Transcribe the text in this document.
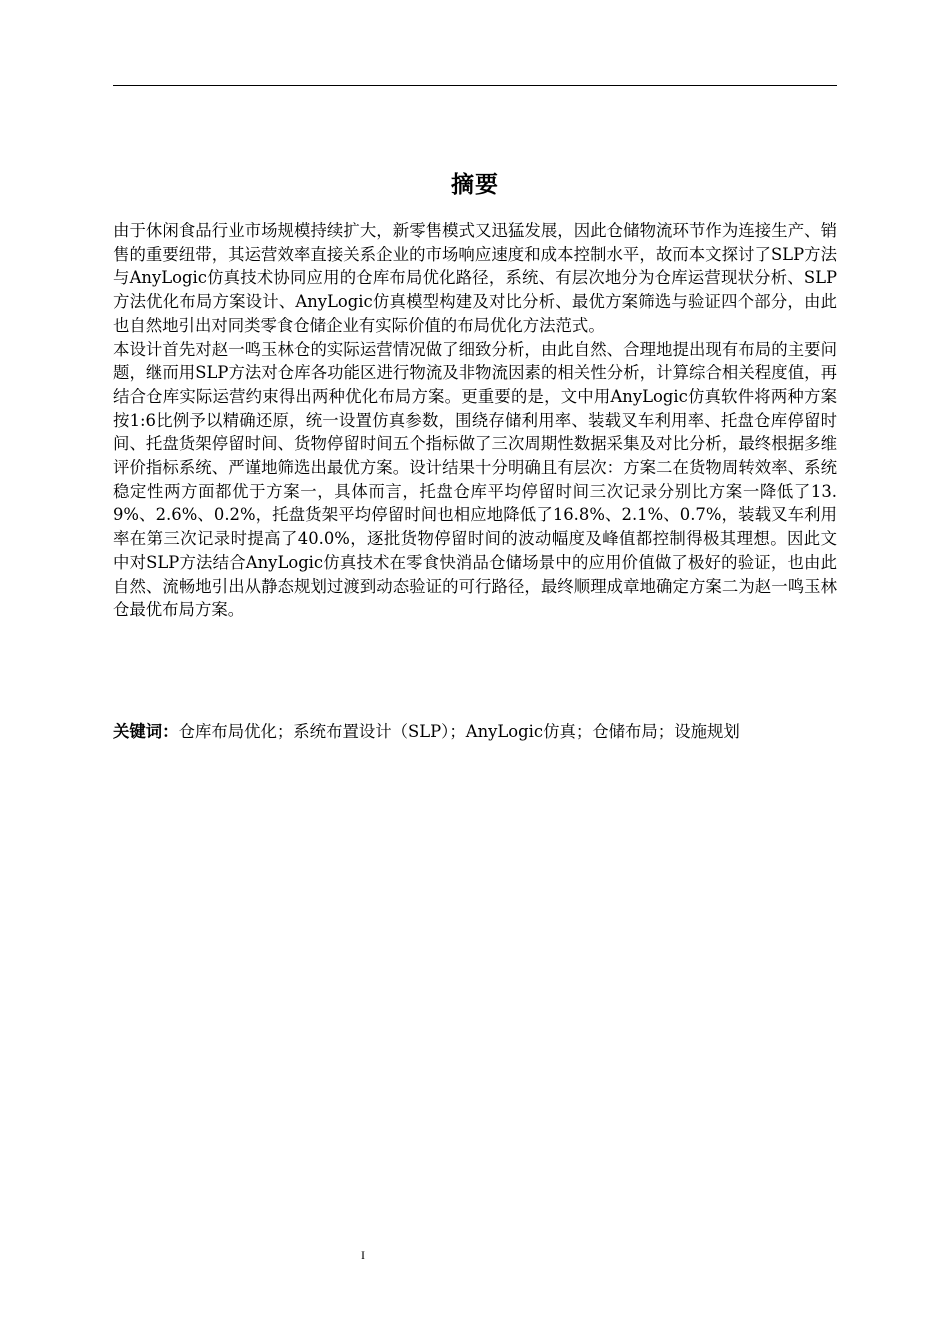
摘要

由于休闲食品行业市场规模持续扩大，新零售模式又迅猛发展，因此仓储物流环节作为连接生产、销售的重要纽带，其运营效率直接关系企业的市场响应速度和成本控制水平，故而本文探讨了SLP方法与AnyLogic仿真技术协同应用的仓库布局优化路径，系统、有层次地分为仓库运营现状分析、SLP方法优化布局方案设计、AnyLogic仿真模型构建及对比分析、最优方案筛选与验证四个部分，由此也自然地引出对同类零食仓储企业有实际价值的布局优化方法范式。

本设计首先对赵一鸣玉林仓的实际运营情况做了细致分析，由此自然、合理地提出现有布局的主要问题，继而用SLP方法对仓库各功能区进行物流及非物流因素的相关性分析，计算综合相关程度值，再结合仓库实际运营约束得出两种优化布局方案。更重要的是，文中用AnyLogic仿真软件将两种方案按1:6比例予以精确还原，统一设置仿真参数，围绕存储利用率、装载叉车利用率、托盘仓库停留时间、托盘货架停留时间、货物停留时间五个指标做了三次周期性数据采集及对比分析，最终根据多维评价指标系统、严谨地筛选出最优方案。设计结果十分明确且有层次：方案二在货物周转效率、系统稳定性两方面都优于方案一，具体而言，托盘仓库平均停留时间三次记录分别比方案一降低了13.9%、2.6%、0.2%，托盘货架平均停留时间也相应地降低了16.8%、2.1%、0.7%，装载叉车利用率在第三次记录时提高了40.0%，逐批货物停留时间的波动幅度及峰值都控制得极其理想。因此文中对SLP方法结合AnyLogic仿真技术在零食快消品仓储场景中的应用价值做了极好的验证，也由此自然、流畅地引出从静态规划过渡到动态验证的可行路径，最终顺理成章地确定方案二为赵一鸣玉林仓最优布局方案。

关键词：仓库布局优化；系统布置设计（SLP）；AnyLogic仿真；仓储布局；设施规划
I
